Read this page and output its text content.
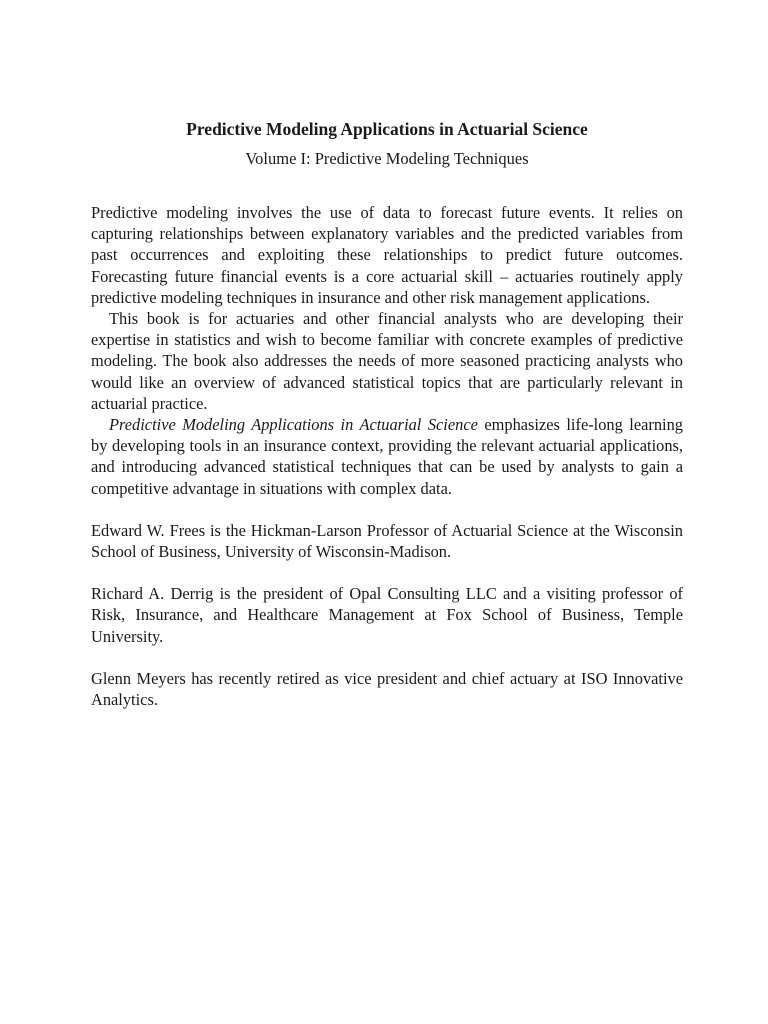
Predictive Modeling Applications in Actuarial Science

Volume I: Predictive Modeling Techniques

Predictive modeling involves the use of data to forecast future events. It relies on capturing relationships between explanatory variables and the predicted variables from past occurrences and exploiting these relationships to predict future outcomes. Forecasting future financial events is a core actuarial skill – actuaries routinely apply predictive modeling techniques in insurance and other risk management applications.

This book is for actuaries and other financial analysts who are developing their expertise in statistics and wish to become familiar with concrete examples of predictive modeling. The book also addresses the needs of more seasoned practicing analysts who would like an overview of advanced statistical topics that are particularly relevant in actuarial practice.

Predictive Modeling Applications in Actuarial Science emphasizes life-long learning by developing tools in an insurance context, providing the relevant actuarial applications, and introducing advanced statistical techniques that can be used by analysts to gain a competitive advantage in situations with complex data.

Edward W. Frees is the Hickman-Larson Professor of Actuarial Science at the Wisconsin School of Business, University of Wisconsin-Madison.

Richard A. Derrig is the president of Opal Consulting LLC and a visiting professor of Risk, Insurance, and Healthcare Management at Fox School of Business, Temple University.

Glenn Meyers has recently retired as vice president and chief actuary at ISO Innovative Analytics.
